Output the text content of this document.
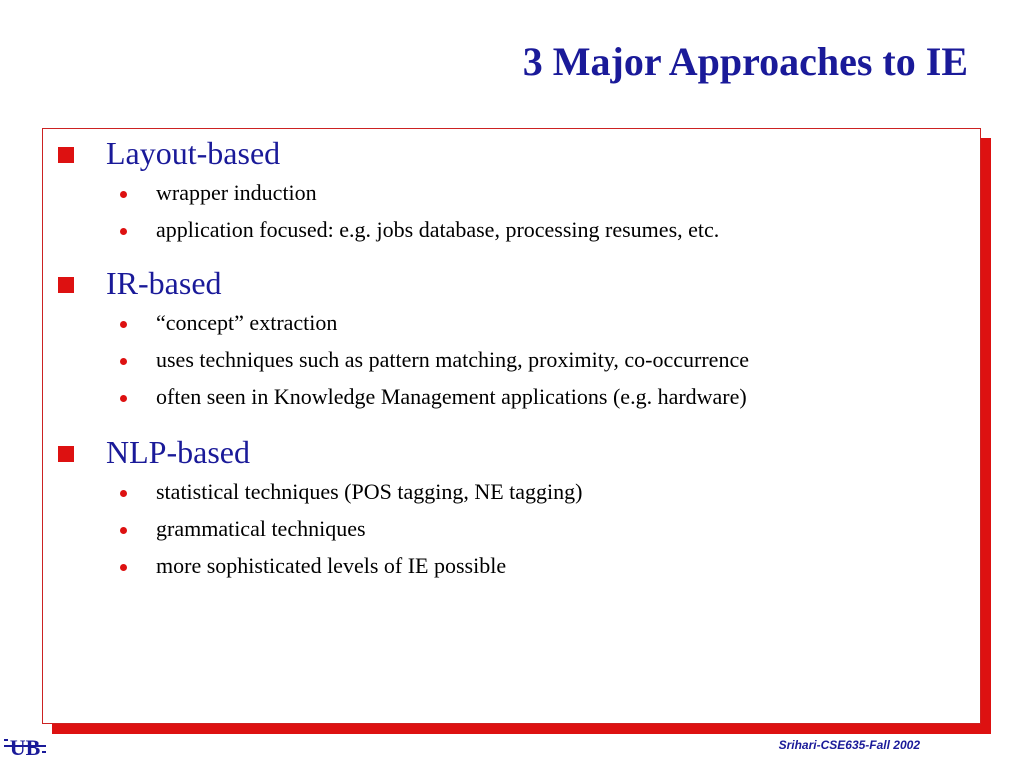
3 Major Approaches to IE
Layout-based
wrapper induction
application focused: e.g. jobs database, processing resumes, etc.
IR-based
“concept” extraction
uses techniques such as pattern matching, proximity, co-occurrence
often seen in Knowledge Management applications (e.g. hardware)
NLP-based
statistical techniques (POS tagging, NE tagging)
grammatical techniques
more sophisticated levels of IE possible
UB	Srihari-CSE635-Fall 2002
